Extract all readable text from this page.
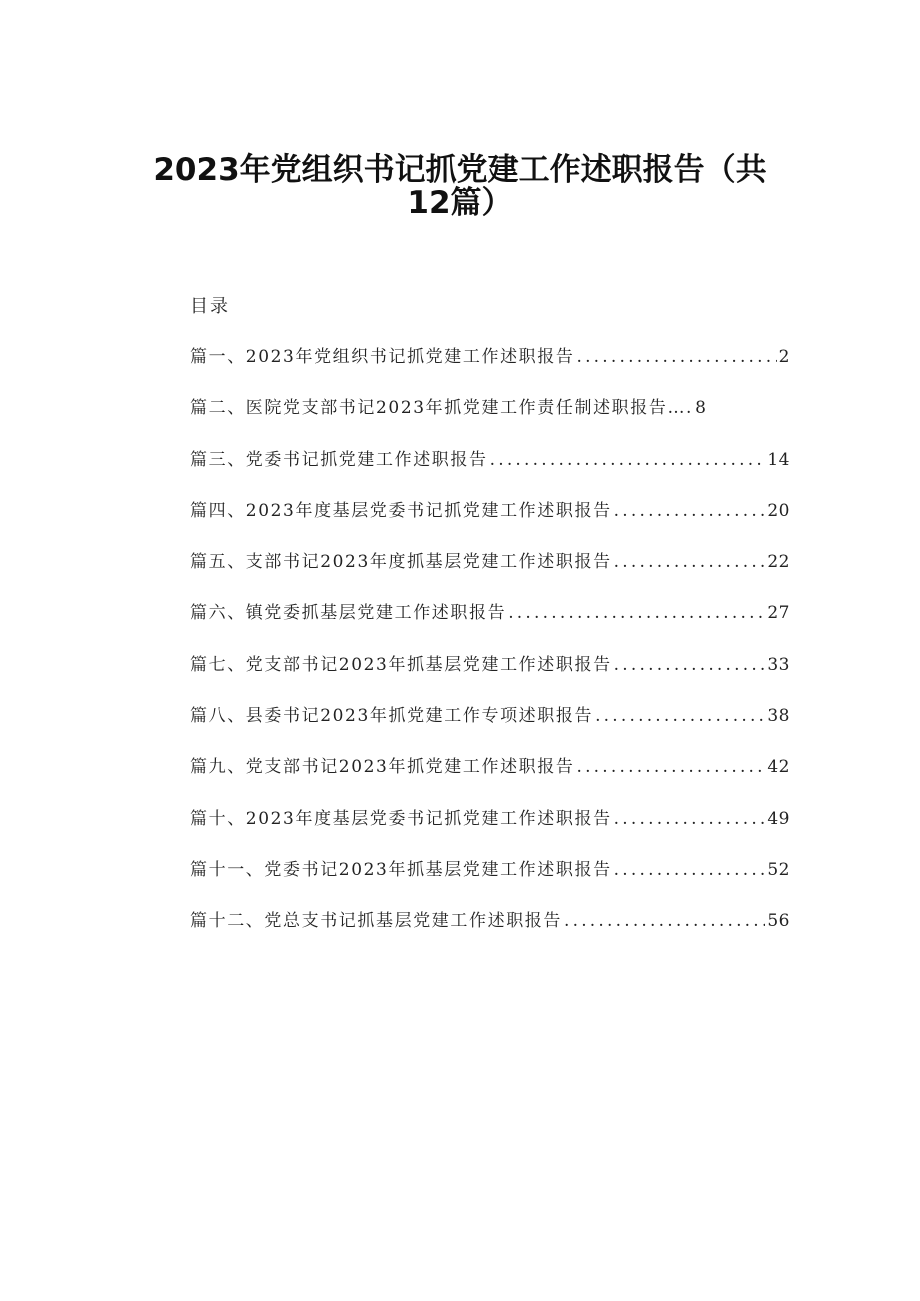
2023年党组织书记抓党建工作述职报告（共
12篇）
目录
篇一、2023年党组织书记抓党建工作述职报告 .....	2
篇二、医院党支部书记2023年抓党建工作责任制述职报告…. 8
篇三、党委书记抓党建工作述职报告 .....	14
篇四、2023年度基层党委书记抓党建工作述职报告 .....	20
篇五、支部书记2023年度抓基层党建工作述职报告 .....	22
篇六、镇党委抓基层党建工作述职报告 .....	27
篇七、党支部书记2023年抓基层党建工作述职报告 .....	33
篇八、县委书记2023年抓党建工作专项述职报告 .....	38
篇九、党支部书记2023年抓党建工作述职报告 .....	42
篇十、2023年度基层党委书记抓党建工作述职报告 .....	49
篇十一、党委书记2023年抓基层党建工作述职报告 .....	52
篇十二、党总支书记抓基层党建工作述职报告 .....	56
